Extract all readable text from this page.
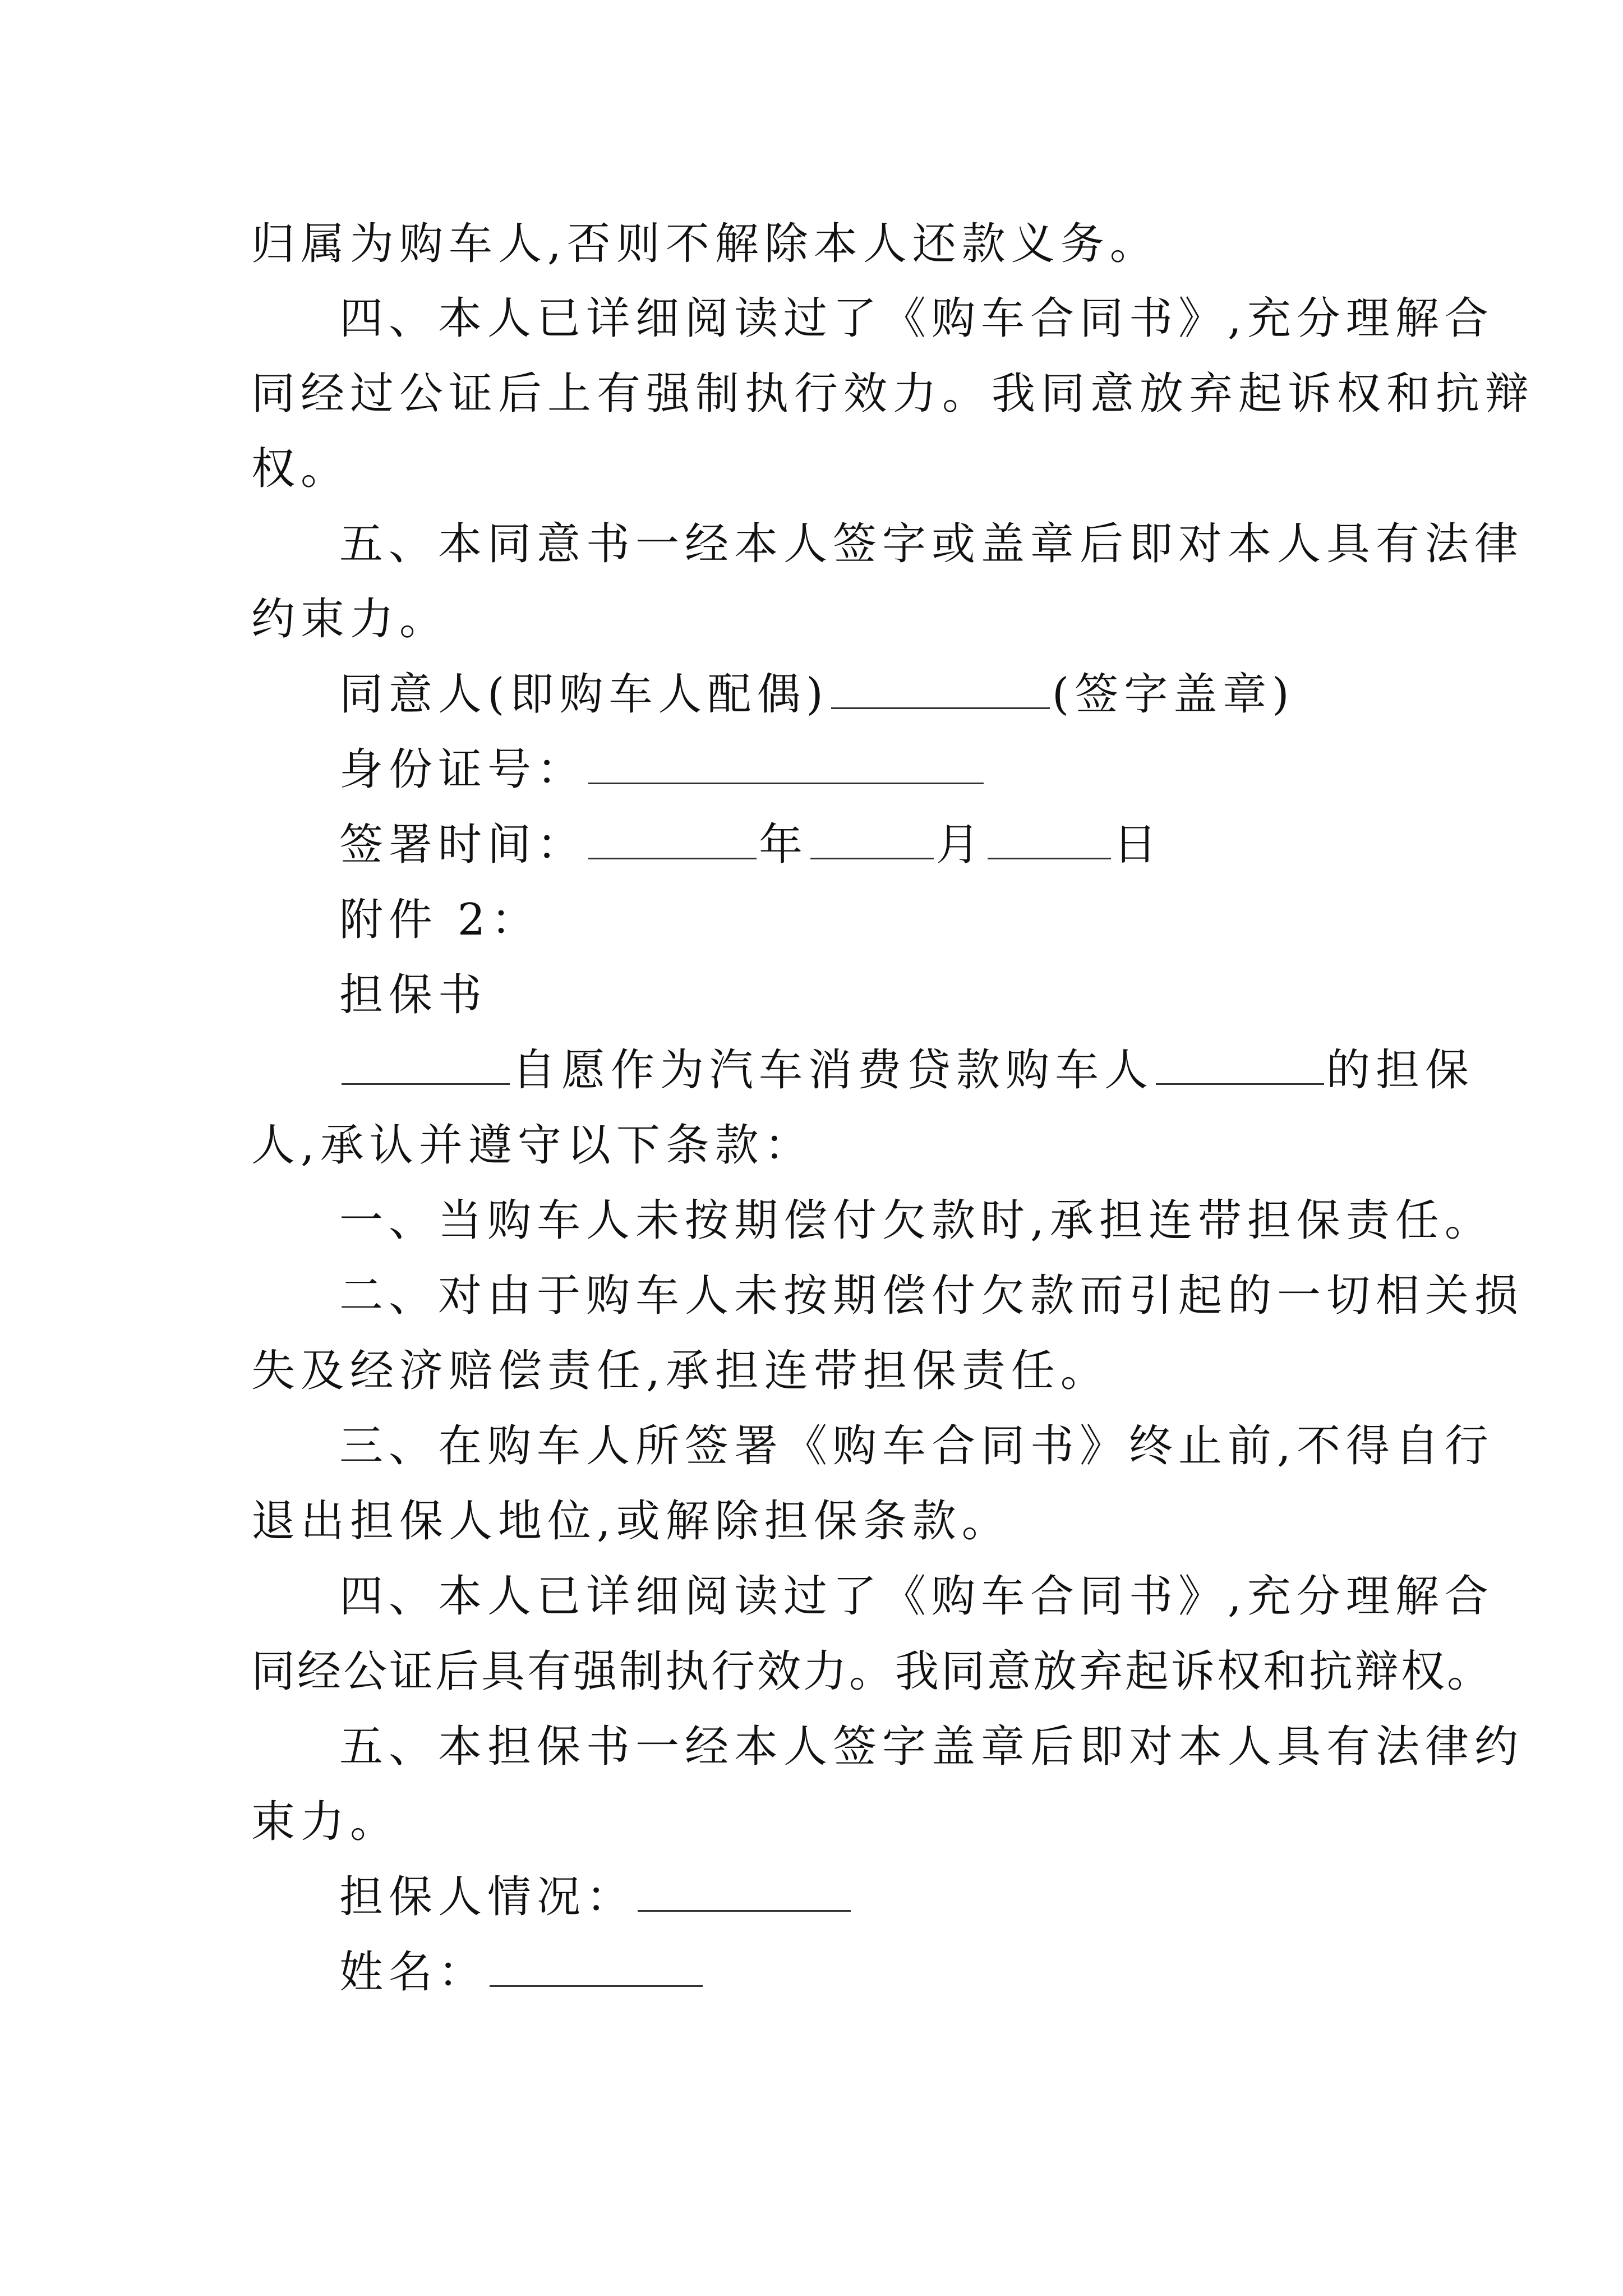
归属为购车人,否则不解除本人还款义务。
四、本人已详细阅读过了《购车合同书》,充分理解合
同经过公证后上有强制执行效力。我同意放弃起诉权和抗辩
权。
五、本同意书一经本人签字或盖章后即对本人具有法律
约束力。
同意人(即购车人配偶)	(签字盖章)
身份证号：
签署时间：	年	月	日
附件 2：
担保书
自愿作为汽车消费贷款购车人	的担保
人,承认并遵守以下条款：
一、当购车人未按期偿付欠款时,承担连带担保责任。
二、对由于购车人未按期偿付欠款而引起的一切相关损
失及经济赔偿责任,承担连带担保责任。
三、在购车人所签署《购车合同书》终止前,不得自行
退出担保人地位,或解除担保条款。
四、本人已详细阅读过了《购车合同书》,充分理解合
同经公证后具有强制执行效力。我同意放弃起诉权和抗辩权。
五、本担保书一经本人签字盖章后即对本人具有法律约
束力。
担保人情况：
姓名：
